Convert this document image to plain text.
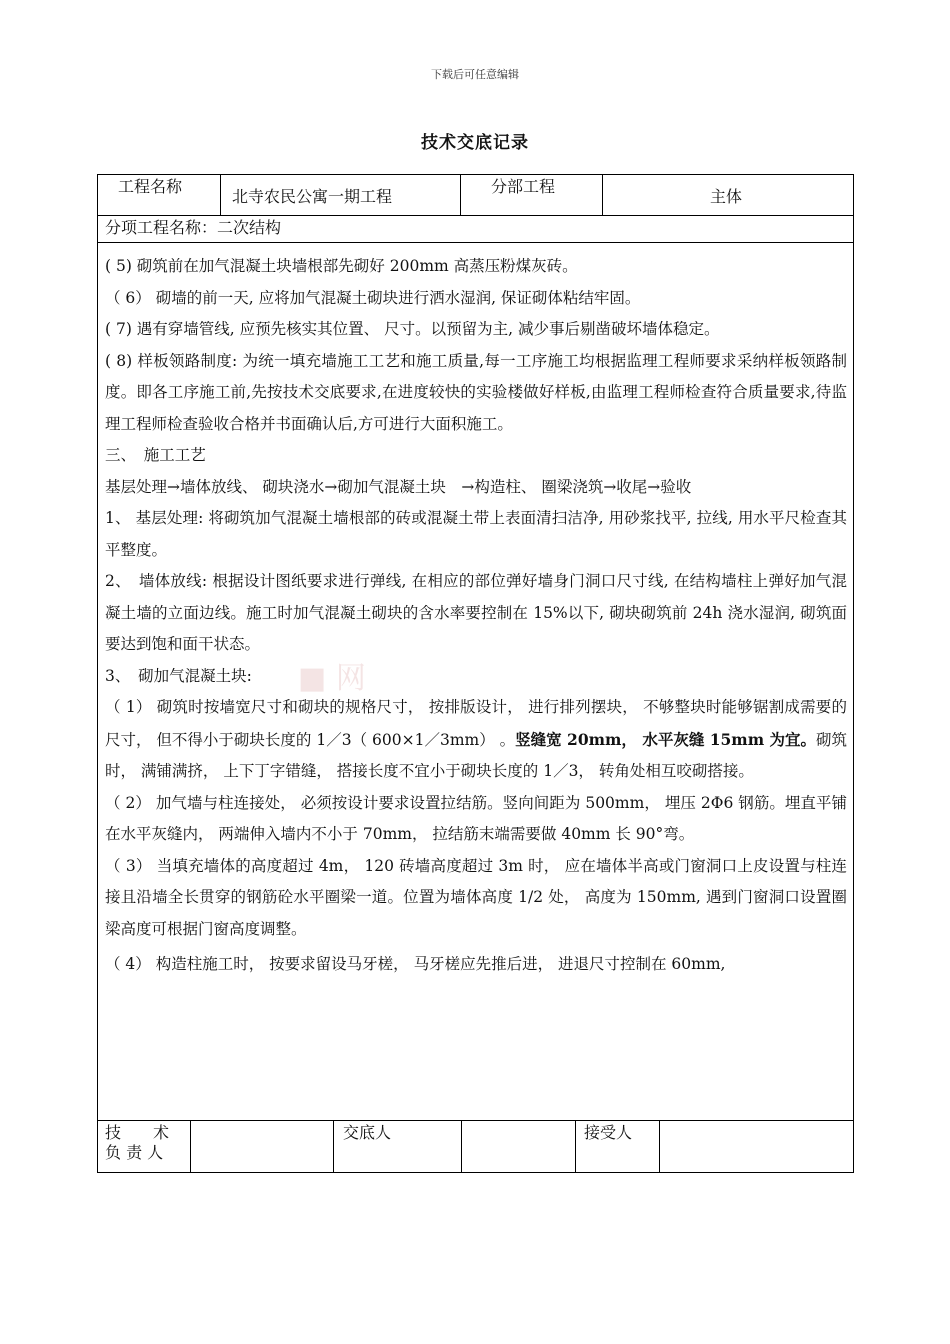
下载后可任意编辑
技术交底记录
工程名称
北寺农民公寓一期工程
分部工程
主体
分项工程名称：二次结构
■ 网

( 5) 砌筑前在加气混凝土块墙根部先砌好 200mm 高蒸压粉煤灰砖。

（ 6） 砌墙的前一天, 应将加气混凝土砌块进行洒水湿润, 保证砌体粘结牢固。

( 7) 遇有穿墙管线, 应预先核实其位置、 尺寸。以预留为主, 减少事后剔凿破坏墙体稳定。

( 8) 样板领路制度: 为统一填充墙施工工艺和施工质量,每一工序施工均根据监理工程师要求采纳样板领路制度。即各工序施工前,先按技术交底要求,在进度较快的实验楼做好样板,由监理工程师检查符合质量要求,待监理工程师检查验收合格并书面确认后,方可进行大面积施工。

三、　施工工艺

基层处理→墙体放线、 砌块浇水→砌加气混凝土块　→构造柱、 圈梁浇筑→收尾→验收

1、 基层处理: 将砌筑加气混凝土墙根部的砖或混凝土带上表面清扫洁净, 用砂浆找平, 拉线, 用水平尺检查其平整度。

2、　墙体放线: 根据设计图纸要求进行弹线, 在相应的部位弹好墙身门洞口尺寸线, 在结构墙柱上弹好加气混凝土墙的立面边线。施工时加气混凝土砌块的含水率要控制在 15%以下, 砌块砌筑前 24h 浇水湿润, 砌筑面要达到饱和面干状态。

3、　砌加气混凝土块:

（ 1） 砌筑时按墙宽尺寸和砌块的规格尺寸， 按排版设计， 进行排列摆块， 不够整块时能够锯割成需要的尺寸， 但不得小于砌块长度的 1／3（ 600×1／3mm） 。竖缝宽 20mm， 水平灰缝 15mm 为宜。砌筑时， 满铺满挤， 上下丁字错缝， 搭接长度不宜小于砌块长度的 1／3， 转角处相互咬砌搭接。

（ 2） 加气墙与柱连接处， 必须按设计要求设置拉结筋。竖向间距为 500mm， 埋压 2Φ6 钢筋。埋直平铺在水平灰缝内， 两端伸入墙内不小于 70mm， 拉结筋末端需要做 40mm 长 90°弯。

（ 3） 当填充墙体的高度超过 4m， 120 砖墙高度超过 3m 时， 应在墙体半高或门窗洞口上皮设置与柱连接且沿墙全长贯穿的钢筋砼水平圈梁一道。位置为墙体高度 1/2 处， 高度为 150mm, 遇到门窗洞口设置圈梁高度可根据门窗高度调整。

（ 4） 构造柱施工时， 按要求留设马牙槎， 马牙槎应先推后进， 进退尺寸控制在 60mm,

技　　术
负 责 人
交底人	接受人
